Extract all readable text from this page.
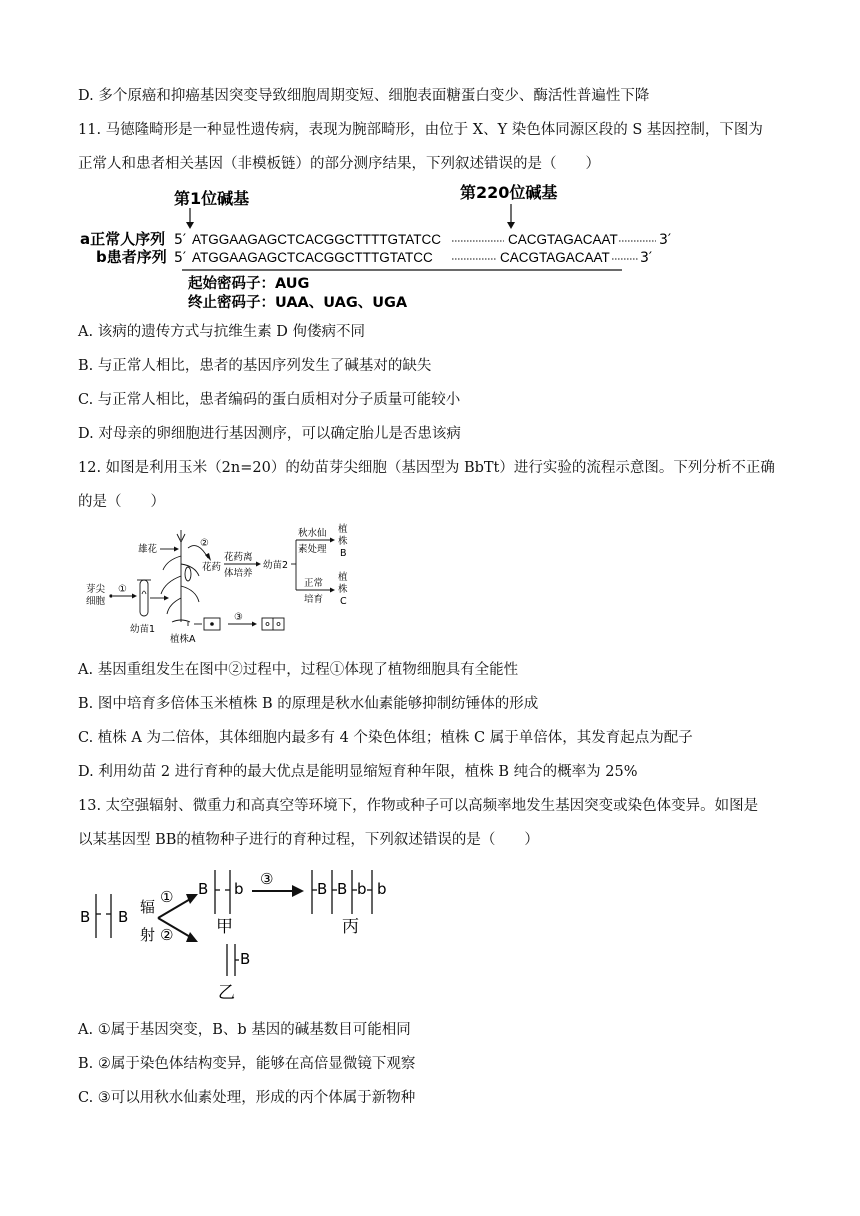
D. 多个原癌和抑癌基因突变导致细胞周期变短、细胞表面糖蛋白变少、酶活性普遍性下降
11. 马德隆畸形是一种显性遗传病，表现为腕部畸形，由位于 X、Y 染色体同源区段的 S 基因控制，下图为
正常人和患者相关基因（非模板链）的部分测序结果，下列叙述错误的是（　　）
第1位碱基	第220位碱基
a正常人序列 5′ ATGGAAGAGCTCACGGCTTTTGTATCC	CACGTAGACAAT	3′
b患者序列 5′ ATGGAAGAGCTCACGGCTTTGTATCC	CACGTAGACAAT 3′
起始密码子：AUG
终止密码子：UAA、UAG、UGA
A. 该病的遗传方式与抗维生素 D 佝偻病不同
B. 与正常人相比，患者的基因序列发生了碱基对的缺失
C. 与正常人相比，患者编码的蛋白质相对分子质量可能较小
D. 对母亲的卵细胞进行基因测序，可以确定胎儿是否患该病
12. 如图是利用玉米（2n=20）的幼苗芽尖细胞（基因型为 BbTt）进行实验的流程示意图。下列分析不正确
的是（　　）
芽尖
细胞
①
幼苗1
植株A
雄花
②
花药
花药离
体培养
幼苗2
秋水仙
素处理
正常
培育
植
株
B
植
株
C
③
A. 基因重组发生在图中②过程中，过程①体现了植物细胞具有全能性
B. 图中培育多倍体玉米植株 B 的原理是秋水仙素能够抑制纺锤体的形成
C. 植株 A 为二倍体，其体细胞内最多有 4 个染色体组；植株 C 属于单倍体，其发育起点为配子
D. 利用幼苗 2 进行育种的最大优点是能明显缩短育种年限，植株 B 纯合的概率为 25%
13. 太空强辐射、微重力和高真空等环境下，作物或种子可以高频率地发生基因突变或染色体变异。如图是
以某基因型 BB的植物种子进行的育种过程，下列叙述错误的是（　　）
B B
辐
射
①
②
B b
甲
③
B B b b
丙
B
乙
A. ①属于基因突变，B、b 基因的碱基数目可能相同
B. ②属于染色体结构变异，能够在高倍显微镜下观察
C. ③可以用秋水仙素处理，形成的丙个体属于新物种
